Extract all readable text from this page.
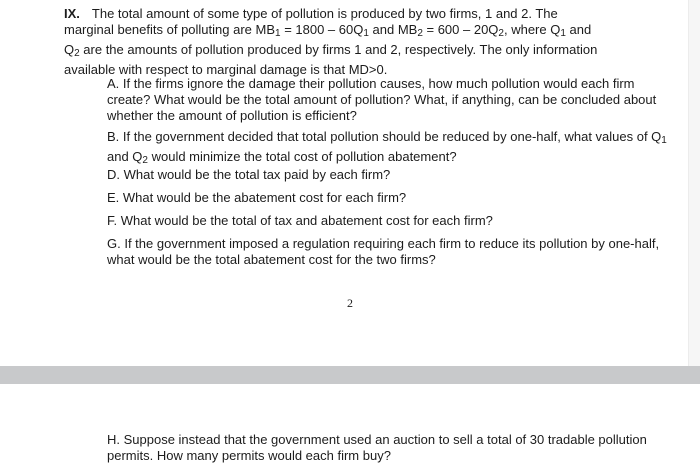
IX. The total amount of some type of pollution is produced by two firms, 1 and 2. The
marginal benefits of polluting are $MB_1 = 1800 - 60Q_1$ and $MB_2 = 600 - 20Q_2$, where $Q_1$ and
$Q_2$ are the amounts of pollution produced by firms 1 and 2, respectively. The only information
available with respect to marginal damage is that MD>0.

A. If the firms ignore the damage their pollution causes, how much pollution would each firm create? What would be the total amount of pollution? What, if anything, can be concluded about whether the amount of pollution is efficient?

B. If the government decided that total pollution should be reduced by one-half, what values of $Q_1$ and $Q_2$ would minimize the total cost of pollution abatement?

D. What would be the total tax paid by each firm?

E. What would be the abatement cost for each firm?

F. What would be the total of tax and abatement cost for each firm?

G. If the government imposed a regulation requiring each firm to reduce its pollution by one-half, what would be the total abatement cost for the two firms?

2

H. Suppose instead that the government used an auction to sell a total of 30 tradable pollution permits. How many permits would each firm buy?
